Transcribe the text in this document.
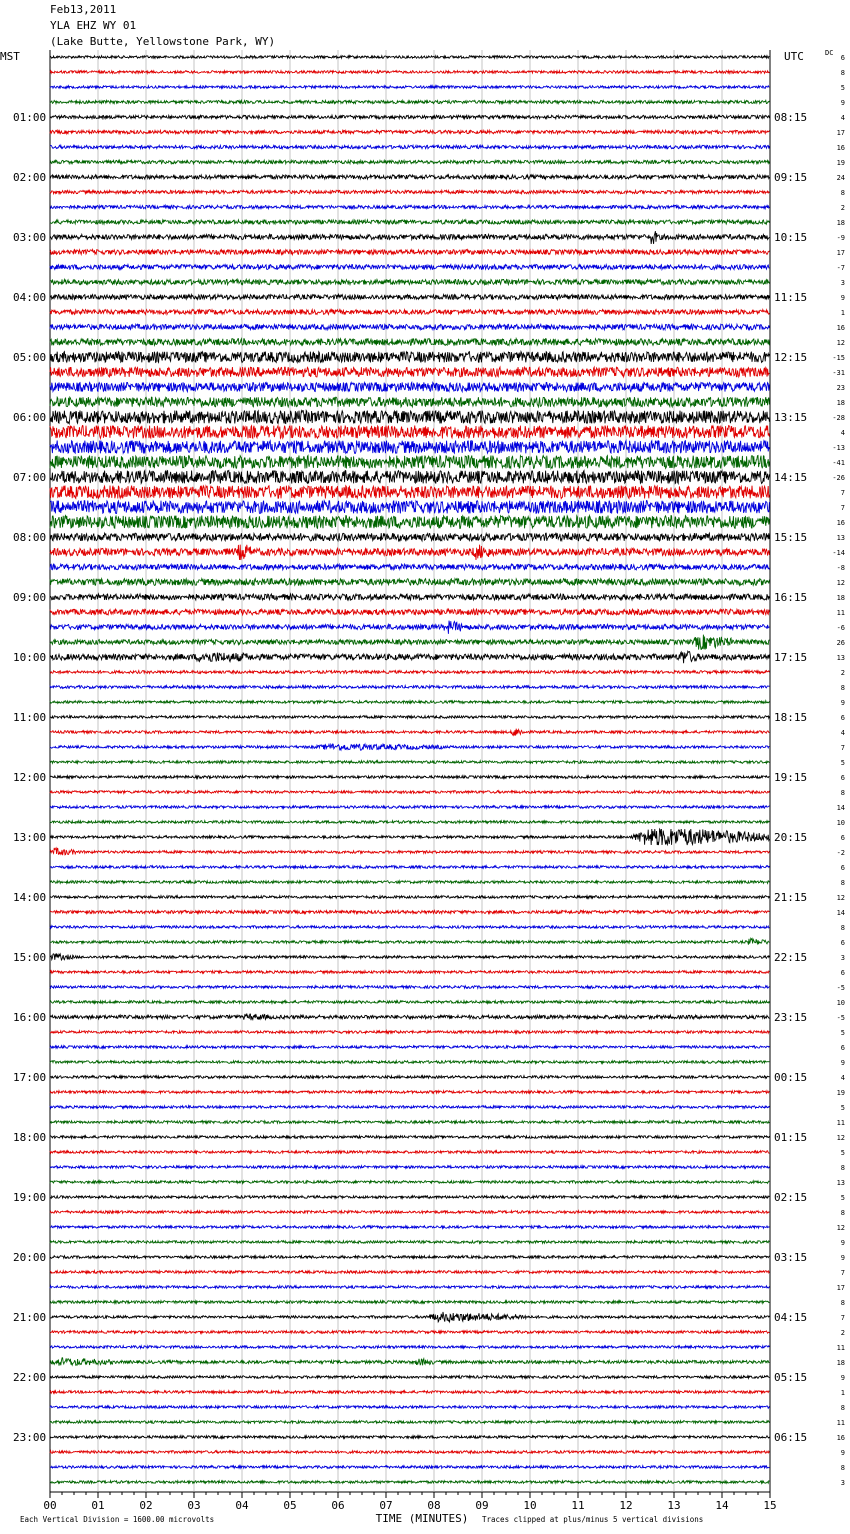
Feb13,2011
YLA EHZ WY 01
(Lake Butte, Yellowstone Park, WY)
MST	UTC	DC
00	01	02	03	04	05	06	07	08	09	10	11	12	13	14	15
TIME (MINUTES)
Each Vertical Division = 1600.00 microvolts	Traces clipped at plus/minus 5 vertical divisions
01:00
02:00
03:00
04:00
05:00
06:00
07:00
08:00
09:00
10:00
11:00
12:00
13:00
14:00
15:00
16:00
17:00
18:00
19:00
20:00
21:00
22:00
23:00
08:15
09:15
10:15
11:15
12:15
13:15
14:15
15:15
16:15
17:15
18:15
19:15
20:15
21:15
22:15
23:15
00:15
01:15
02:15
03:15
04:15
05:15
06:15
6
8
5
9
4
17
16
19
24
8
2
18
-9
17
-7
3
9
1
16
12
-15
-31
23
18
-28
4
-13
-41
-26
7
7
16
13
-14
-8
12
18
11
-6
26
13
2
8
9
6
4
7
5
6
8
14
10
6
-2
6
8
12
14
8
6
3
6
-5
10
-5
5
6
9
4
19
5
11
12
5
8
13
5
8
12
9
9
7
17
8
7
2
11
18
9
1
8
11
16
9
8
3
